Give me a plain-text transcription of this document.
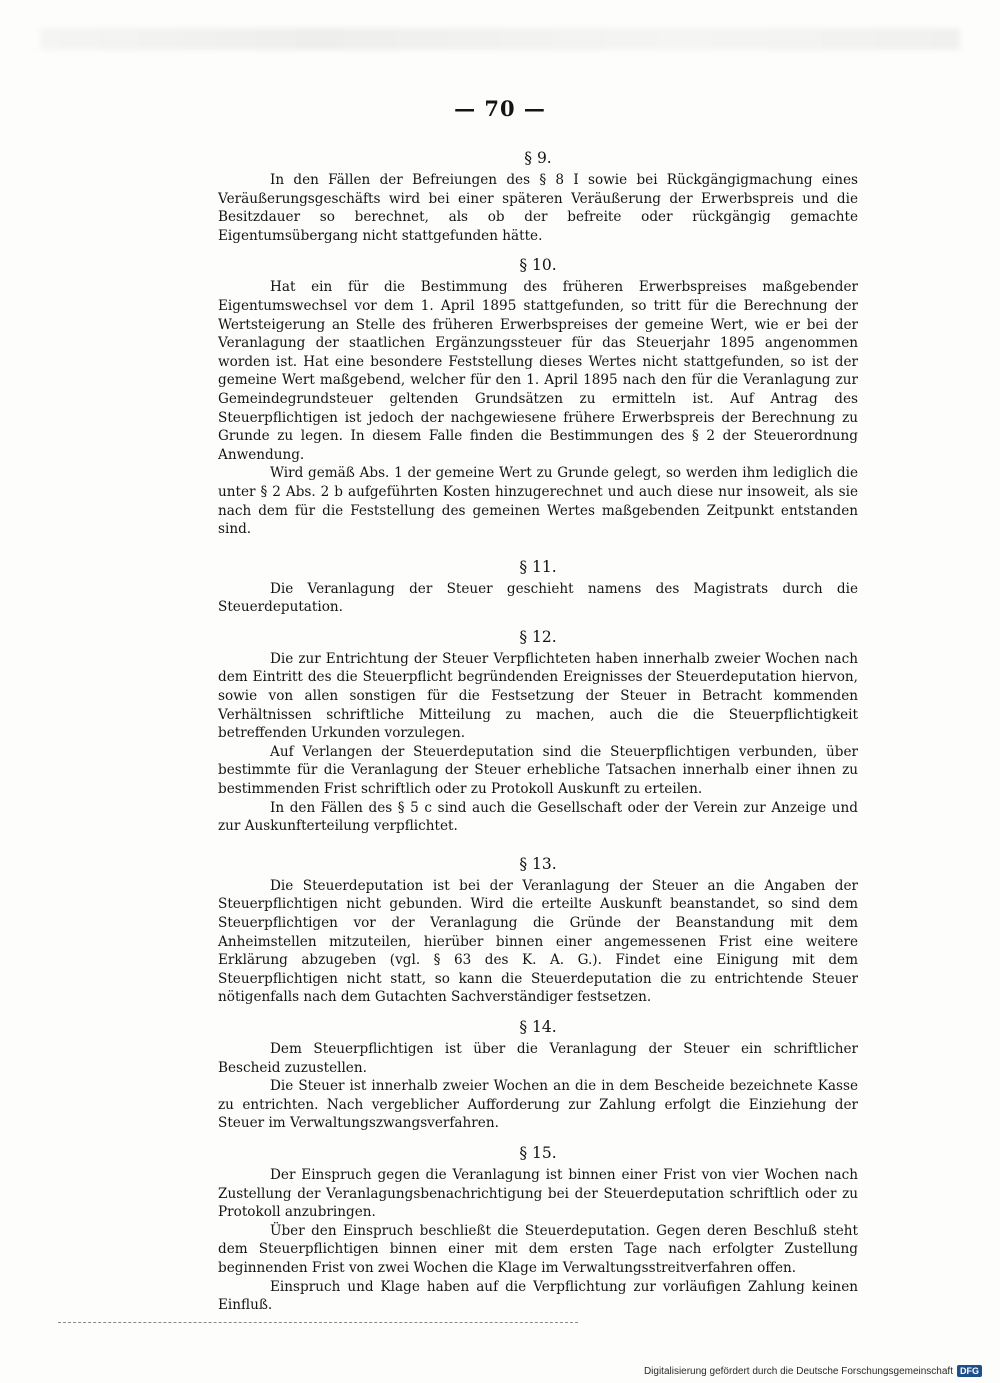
— 70 —
§ 9.

In den Fällen der Befreiungen des § 8 I sowie bei Rückgängigmachung eines Veräußerungsgeschäfts wird bei einer späteren Veräußerung der Erwerbspreis und die Besitzdauer so berechnet, als ob der befreite oder rückgängig gemachte Eigentumsübergang nicht stattgefunden hätte.

§ 10.

Hat ein für die Bestimmung des früheren Erwerbspreises maßgebender Eigentumswechsel vor dem 1. April 1895 stattgefunden, so tritt für die Berechnung der Wertsteigerung an Stelle des früheren Erwerbspreises der gemeine Wert, wie er bei der Veranlagung der staatlichen Ergänzungssteuer für das Steuerjahr 1895 angenommen worden ist. Hat eine besondere Feststellung dieses Wertes nicht stattgefunden, so ist der gemeine Wert maßgebend, welcher für den 1. April 1895 nach den für die Veranlagung zur Gemeindegrundsteuer geltenden Grundsätzen zu ermitteln ist. Auf Antrag des Steuerpflichtigen ist jedoch der nachgewiesene frühere Erwerbspreis der Berechnung zu Grunde zu legen. In diesem Falle finden die Bestimmungen des § 2 der Steuerordnung Anwendung.

Wird gemäß Abs. 1 der gemeine Wert zu Grunde gelegt, so werden ihm lediglich die unter § 2 Abs. 2 b aufgeführten Kosten hinzugerechnet und auch diese nur insoweit, als sie nach dem für die Feststellung des gemeinen Wertes maßgebenden Zeitpunkt entstanden sind.

§ 11.

Die Veranlagung der Steuer geschieht namens des Magistrats durch die Steuerdeputation.

§ 12.

Die zur Entrichtung der Steuer Verpflichteten haben innerhalb zweier Wochen nach dem Eintritt des die Steuerpflicht begründenden Ereignisses der Steuerdeputation hiervon, sowie von allen sonstigen für die Festsetzung der Steuer in Betracht kommenden Verhältnissen schriftliche Mitteilung zu machen, auch die die Steuerpflichtigkeit betreffenden Urkunden vorzulegen.

Auf Verlangen der Steuerdeputation sind die Steuerpflichtigen verbunden, über bestimmte für die Veranlagung der Steuer erhebliche Tatsachen innerhalb einer ihnen zu bestimmenden Frist schriftlich oder zu Protokoll Auskunft zu erteilen.

In den Fällen des § 5 c sind auch die Gesellschaft oder der Verein zur Anzeige und zur Auskunfterteilung verpflichtet.

§ 13.

Die Steuerdeputation ist bei der Veranlagung der Steuer an die Angaben der Steuerpflichtigen nicht gebunden. Wird die erteilte Auskunft beanstandet, so sind dem Steuerpflichtigen vor der Veranlagung die Gründe der Beanstandung mit dem Anheimstellen mitzuteilen, hierüber binnen einer angemessenen Frist eine weitere Erklärung abzugeben (vgl. § 63 des K. A. G.). Findet eine Einigung mit dem Steuerpflichtigen nicht statt, so kann die Steuerdeputation die zu entrichtende Steuer nötigenfalls nach dem Gutachten Sachverständiger festsetzen.

§ 14.

Dem Steuerpflichtigen ist über die Veranlagung der Steuer ein schriftlicher Bescheid zuzustellen.

Die Steuer ist innerhalb zweier Wochen an die in dem Bescheide bezeichnete Kasse zu entrichten. Nach vergeblicher Aufforderung zur Zahlung erfolgt die Einziehung der Steuer im Verwaltungszwangsverfahren.

§ 15.

Der Einspruch gegen die Veranlagung ist binnen einer Frist von vier Wochen nach Zustellung der Veranlagungsbenachrichtigung bei der Steuerdeputation schriftlich oder zu Protokoll anzubringen.

Über den Einspruch beschließt die Steuerdeputation. Gegen deren Beschluß steht dem Steuerpflichtigen binnen einer mit dem ersten Tage nach erfolgter Zustellung beginnenden Frist von zwei Wochen die Klage im Verwaltungsstreitverfahren offen.

Einspruch und Klage haben auf die Verpflichtung zur vorläufigen Zahlung keinen Einfluß.

Digitalisierung gefördert durch die Deutsche Forschungsgemeinschaft DFG
